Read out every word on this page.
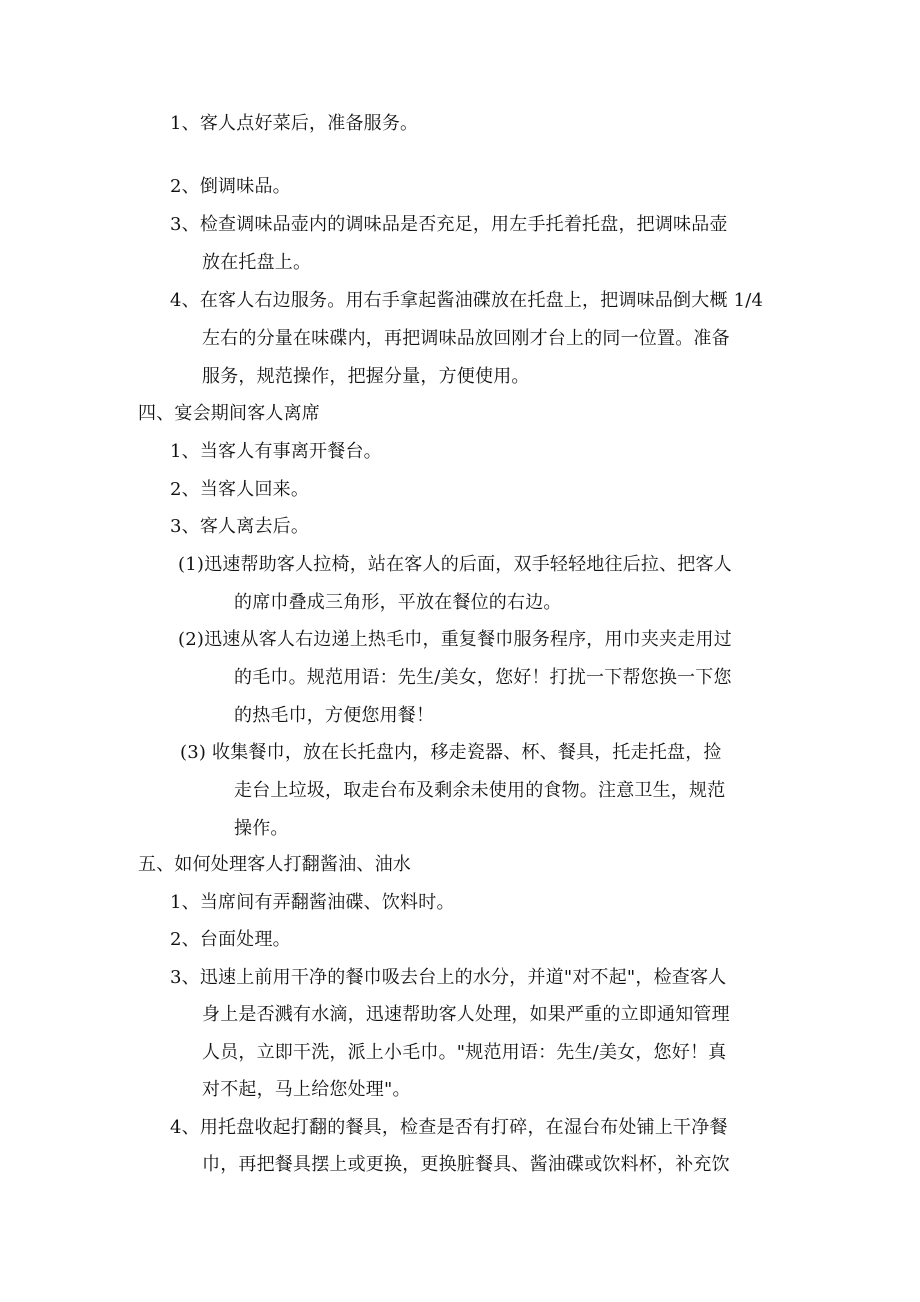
1、客人点好菜后，准备服务。
2、倒调味品。
3、检查调味品壶内的调味品是否充足，用左手托着托盘，把调味品壶
放在托盘上。
4、在客人右边服务。用右手拿起酱油碟放在托盘上，把调味品倒大概 1/4
左右的分量在味碟内，再把调味品放回刚才台上的同一位置。准备
服务，规范操作，把握分量，方便使用。
四、宴会期间客人离席
1、当客人有事离开餐台。
2、当客人回来。
3、客人离去后。
(1)迅速帮助客人拉椅，站在客人的后面，双手轻轻地往后拉、把客人
的席巾叠成三角形，平放在餐位的右边。
(2)迅速从客人右边递上热毛巾，重复餐巾服务程序，用巾夹夹走用过
的毛巾。规范用语：先生/美女，您好！打扰一下帮您换一下您
的热毛巾，方便您用餐！
(3) 收集餐巾，放在长托盘内，移走瓷器、杯、餐具，托走托盘，捡
走台上垃圾，取走台布及剩余未使用的食物。注意卫生，规范
操作。
五、如何处理客人打翻酱油、油水
1、当席间有弄翻酱油碟、饮料时。
2、台面处理。
3、迅速上前用干净的餐巾吸去台上的水分，并道"对不起"，检查客人
身上是否溅有水滴，迅速帮助客人处理，如果严重的立即通知管理
人员，立即干洗，派上小毛巾。"规范用语：先生/美女，您好！真
对不起，马上给您处理"。
4、用托盘收起打翻的餐具，检查是否有打碎，在湿台布处铺上干净餐
巾，再把餐具摆上或更换，更换脏餐具、酱油碟或饮料杯，补充饮
